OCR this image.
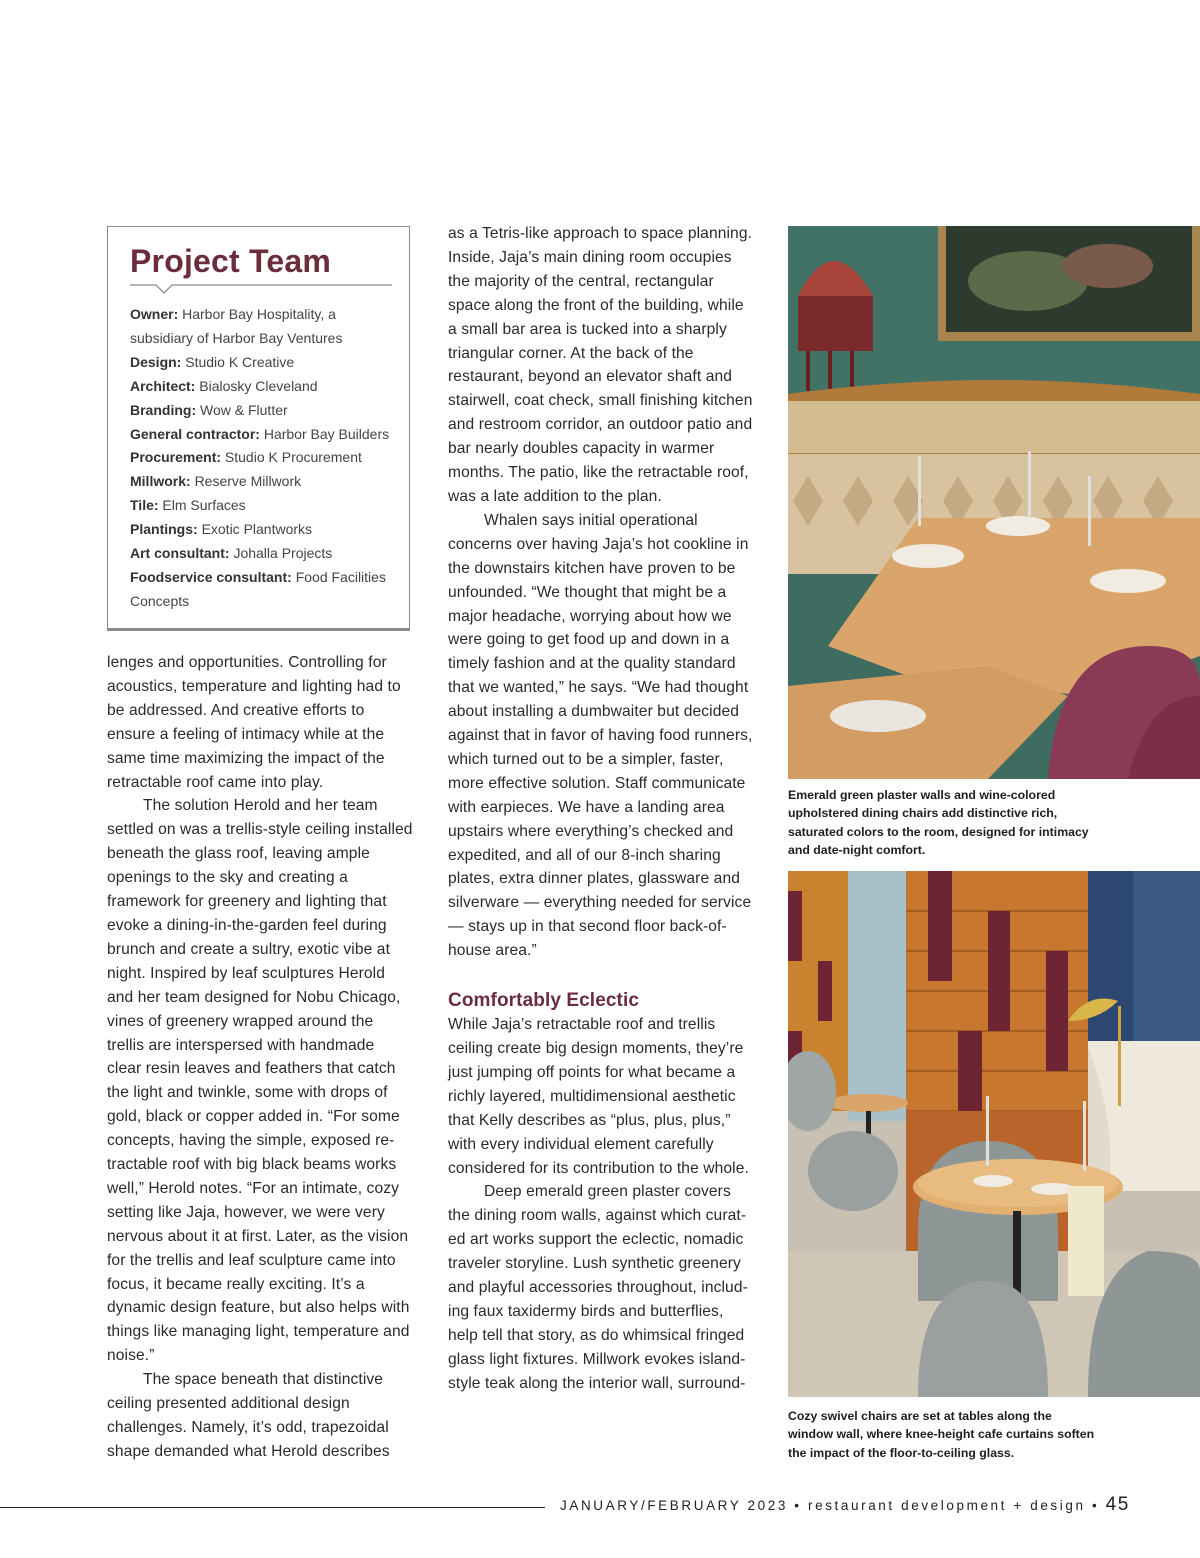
Project Team
Owner: Harbor Bay Hospitality, a subsidiary of Harbor Bay Ventures
Design: Studio K Creative
Architect: Bialosky Cleveland
Branding: Wow & Flutter
General contractor: Harbor Bay Builders
Procurement: Studio K Procurement
Millwork: Reserve Millwork
Tile: Elm Surfaces
Plantings: Exotic Plantworks
Art consultant: Johalla Projects
Foodservice consultant: Food Facilities Concepts

lenges and opportunities. Controlling for acoustics, temperature and lighting had to be addressed. And creative efforts to ensure a feeling of intimacy while at the same time maximizing the impact of the retractable roof came into play.

The solution Herold and her team settled on was a trellis-style ceiling installed beneath the glass roof, leaving ample openings to the sky and creating a framework for greenery and lighting that evoke a dining-in-the-garden feel during brunch and create a sultry, exotic vibe at night. Inspired by leaf sculptures Herold and her team designed for Nobu Chicago, vines of greenery wrapped around the trellis are interspersed with handmade clear resin leaves and feathers that catch the light and twinkle, some with drops of gold, black or copper added in. “For some concepts, having the simple, exposed retractable roof with big black beams works well,” Herold notes. “For an intimate, cozy setting like Jaja, however, we were very nervous about it at first. Later, as the vision for the trellis and leaf sculpture came into focus, it became really exciting. It’s a dynamic design feature, but also helps with things like managing light, temperature and noise.”

The space beneath that distinctive ceiling presented additional design challenges. Namely, it’s odd, trapezoidal shape demanded what Herold describes

as a Tetris-like approach to space planning. Inside, Jaja’s main dining room occupies the majority of the central, rectangular space along the front of the building, while a small bar area is tucked into a sharply triangular corner. At the back of the restaurant, beyond an elevator shaft and stairwell, coat check, small finishing kitchen and restroom corridor, an outdoor patio and bar nearly doubles capacity in warmer months. The patio, like the retractable roof, was a late addition to the plan.

Whalen says initial operational concerns over having Jaja’s hot cookline in the downstairs kitchen have proven to be unfounded. “We thought that might be a major headache, worrying about how we were going to get food up and down in a timely fashion and at the quality standard that we wanted,” he says. “We had thought about installing a dumbwaiter but decided against that in favor of having food runners, which turned out to be a simpler, faster, more effective solution. Staff communicate with earpieces. We have a landing area upstairs where everything’s checked and expedited, and all of our 8-inch sharing plates, extra dinner plates, glassware and silverware — everything needed for service — stays up in that second floor back-of-house area.”

Comfortably Eclectic

While Jaja’s retractable roof and trellis ceiling create big design moments, they’re just jumping off points for what became a richly layered, multidimensional aesthetic that Kelly describes as “plus, plus, plus,” with every individual element carefully considered for its contribution to the whole.

Deep emerald green plaster covers the dining room walls, against which curated art works support the eclectic, nomadic traveler storyline. Lush synthetic greenery and playful accessories throughout, including faux taxidermy birds and butterflies, help tell that story, as do whimsical fringed glass light fixtures. Millwork evokes island-style teak along the interior wall, surround-

Emerald green plaster walls and wine-colored upholstered dining chairs add distinctive rich, saturated colors to the room, designed for intimacy and date-night comfort.
Cozy swivel chairs are set at tables along the window wall, where knee-height cafe curtains soften the impact of the floor-to-ceiling glass.
JANUARY/FEBRUARY 2023 • restaurant development + design • 45
